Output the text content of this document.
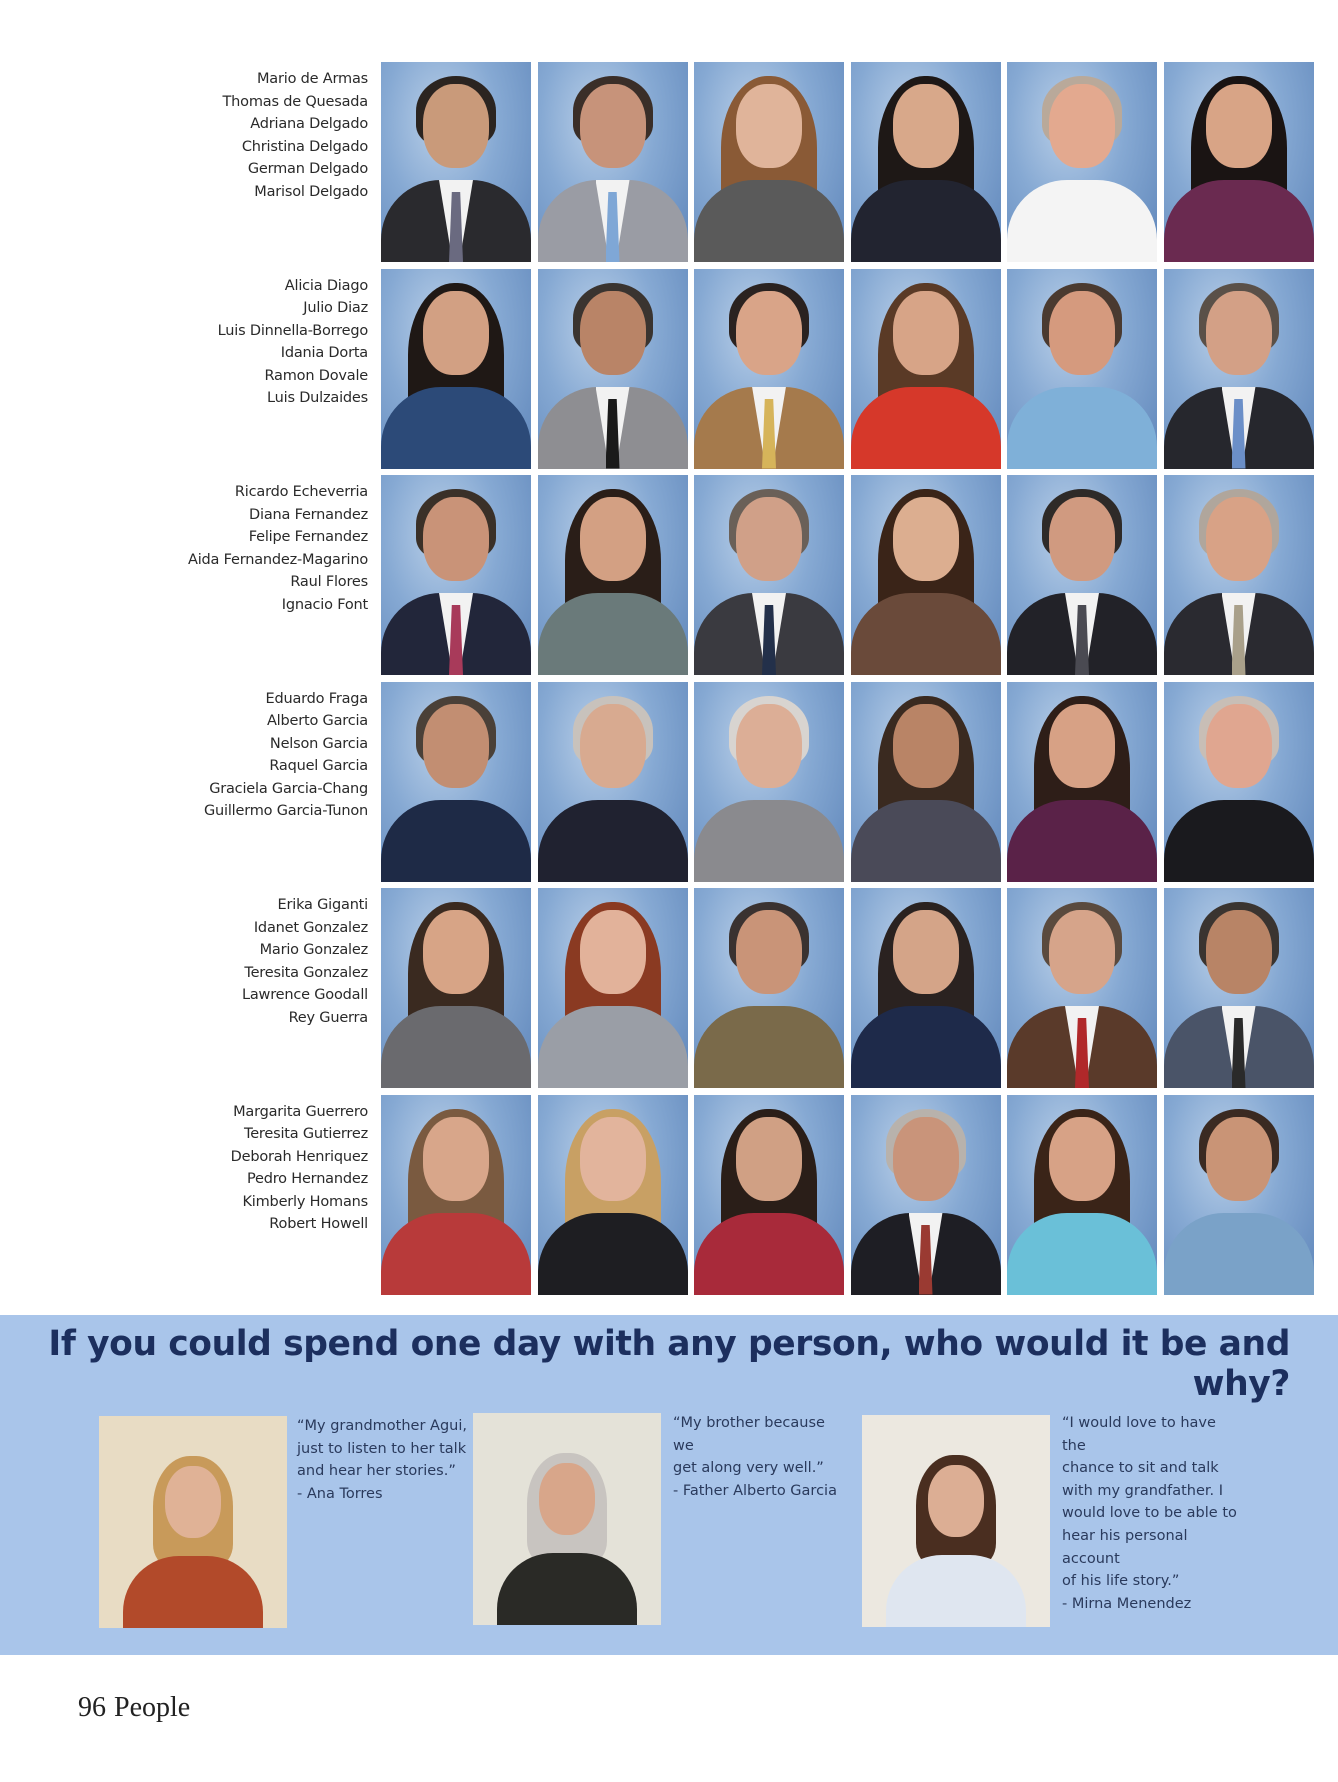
Mario de Armas
Thomas de Quesada
Adriana Delgado
Christina Delgado
German Delgado
Marisol Delgado
Alicia Diago
Julio Diaz
Luis Dinnella-Borrego
Idania Dorta
Ramon Dovale
Luis Dulzaides
Ricardo Echeverria
Diana Fernandez
Felipe Fernandez
Aida Fernandez-Magarino
Raul Flores
Ignacio Font
Eduardo Fraga
Alberto Garcia
Nelson Garcia
Raquel Garcia
Graciela Garcia-Chang
Guillermo Garcia-Tunon
Erika Giganti
Idanet Gonzalez
Mario Gonzalez
Teresita Gonzalez
Lawrence Goodall
Rey Guerra
Margarita Guerrero
Teresita Gutierrez
Deborah Henriquez
Pedro Hernandez
Kimberly Homans
Robert Howell
If you could spend one day with any person, who would it be and why?
“My grandmother Agui,
just to listen to her talk
and hear her stories.”
- Ana Torres
“My brother because we
get along very well.”
- Father Alberto Garcia
“I would love to have the
chance to sit and talk
with my grandfather. I
would love to be able to
hear his personal account
of his life story.”
- Mirna Menendez
96 People
